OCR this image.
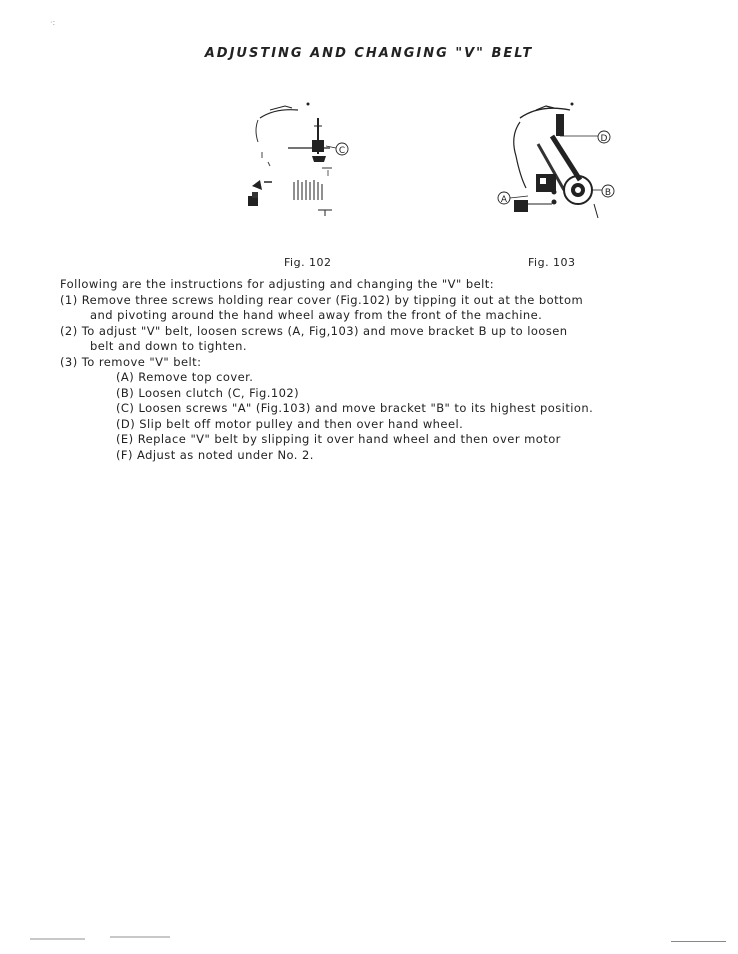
·:
ADJUSTING AND CHANGING "V" BELT
C
D
A
B
Fig. 102	Fig. 103

Following are the instructions for adjusting and changing the "V" belt:

(1) Remove three screws holding rear cover (Fig.102) by tipping it out at the bottom

and pivoting around the hand wheel away from the front of the machine.

(2) To adjust "V" belt, loosen screws (A, Fig,103) and move bracket B up to loosen

belt and down to tighten.

(3) To remove "V" belt:

(A) Remove top cover.

(B) Loosen clutch (C, Fig.102)

(C) Loosen screws "A" (Fig.103) and move bracket "B" to its highest position.

(D) Slip belt off motor pulley and then over hand wheel.

(E) Replace "V" belt by slipping it over hand wheel and then over motor

(F) Adjust as noted under No. 2.
